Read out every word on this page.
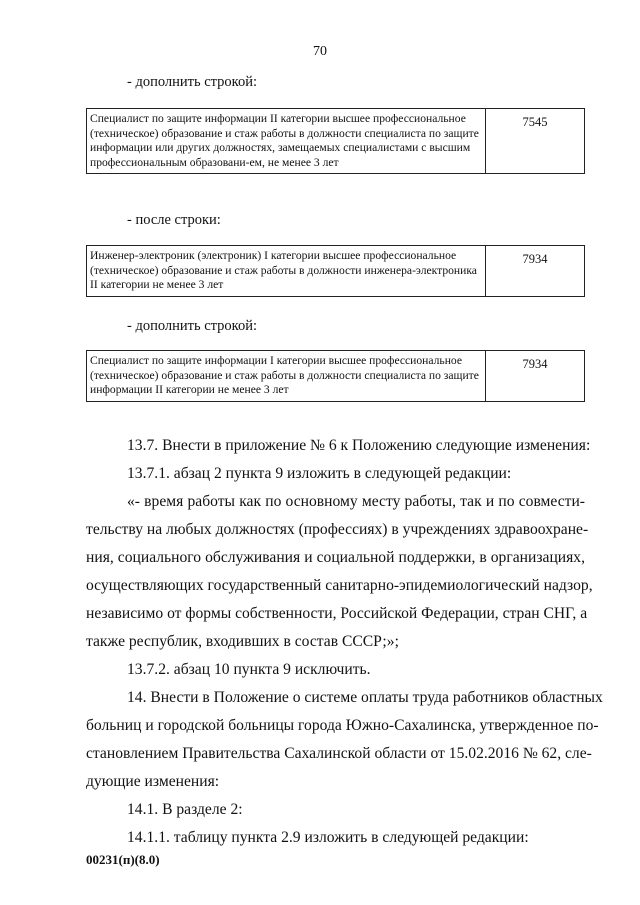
70
- дополнить строкой:
Специалист по защите информации II категории высшее профессиональное (техническое) образование и стаж работы в должности специалиста по защите информации или других должностях, замещаемых специалистами с высшим профессиональным образовани-ем, не менее 3 лет	7545
- после строки:
Инженер-электроник (электроник) I категории высшее профессиональное (техническое) образование и стаж работы в должности инженера-электроника II категории не менее 3 лет	7934
- дополнить строкой:
Специалист по защите информации I категории высшее профессиональное (техническое) образование и стаж работы в должности специалиста по защите информации II категории не менее 3 лет	7934
13.7. Внести в приложение № 6 к Положению следующие изменения:
13.7.1. абзац 2 пункта 9 изложить в следующей редакции:
«- время работы как по основному месту работы, так и по совмести-
тельству на любых должностях (профессиях) в учреждениях здравоохране-
ния, социального обслуживания и социальной поддержки, в организациях,
осуществляющих государственный санитарно-эпидемиологический надзор,
независимо от формы собственности, Российской Федерации, стран СНГ, а
также республик, входивших в состав СССР;»;
13.7.2. абзац 10 пункта 9 исключить.
14. Внести в Положение о системе оплаты труда работников областных
больниц и городской больницы города Южно-Сахалинска, утвержденное по-
становлением Правительства Сахалинской области от 15.02.2016 № 62, сле-
дующие изменения:
14.1. В разделе 2:
14.1.1. таблицу пункта 2.9 изложить в следующей редакции:
00231(п)(8.0)
